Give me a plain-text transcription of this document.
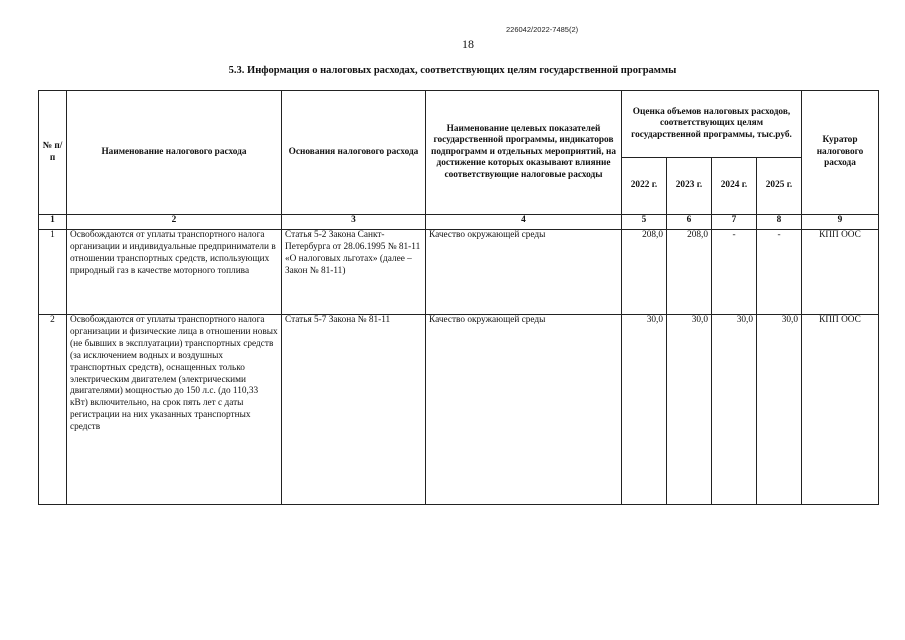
226042/2022-7485(2)
18
5.3. Информация о налоговых расходах, соответствующих целям государственной программы
№ п/п	Наименование налогового расхода	Основания налогового расхода	Наименование целевых показателей государственной программы, индикаторов подпрограмм и отдельных мероприятий, на достижение которых оказывают влияние соответствующие налоговые расходы	Оценка объемов налоговых расходов, соответствующих целям государственной программы, тыс.руб.				Куратор налогового расхода
				2022 г.	2023 г.	2024 г.	2025 г.	
1	2	3	4	5	6	7	8	9
1	Освобождаются от уплаты транспортного налога организации и индивидуальные предприниматели в отношении транспортных средств, использующих природный газ в качестве моторного топлива	Статья 5-2 Закона Санкт-Петербурга от 28.06.1995 № 81-11 «О налоговых льготах» (далее – Закон № 81-11)	Качество окружающей среды	208,0	208,0	-	-	КПП ООС
2	Освобождаются от уплаты транспортного налога организации и физические лица в отношении новых (не бывших в эксплуатации) транспортных средств (за исключением водных и воздушных транспортных средств), оснащенных только электрическим двигателем (электрическими двигателями) мощностью до 150 л.с. (до 110,33 кВт) включительно, на срок пять лет с даты регистрации на них указанных транспортных средств	Статья 5-7 Закона № 81-11	Качество окружающей среды	30,0	30,0	30,0	30,0	КПП ООС
